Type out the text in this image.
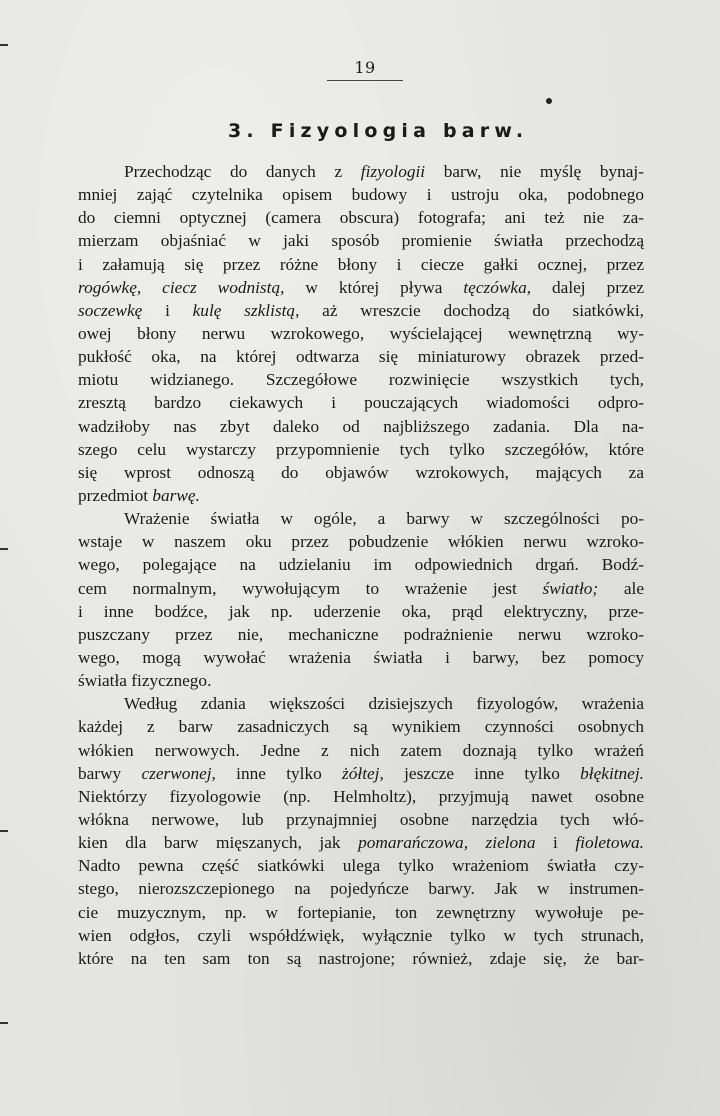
19
3. Fizyologia barw.
Przechodząc do danych z fizyologii barw, nie myślę bynaj-
mniej zająć czytelnika opisem budowy i ustroju oka, podobnego
do ciemni optycznej (camera obscura) fotografa; ani też nie za-
mierzam objaśniać w jaki sposób promienie światła przechodzą
i załamują się przez różne błony i ciecze gałki ocznej, przez
rogówkę, ciecz wodnistą, w której pływa tęczówka, dalej przez
soczewkę i kulę szklistą, aż wreszcie dochodzą do siatkówki,
owej błony nerwu wzrokowego, wyścielającej wewnętrzną wy-
pukłość oka, na której odtwarza się miniaturowy obrazek przed-
miotu widzianego. Szczegółowe rozwinięcie wszystkich tych,
zresztą bardzo ciekawych i pouczających wiadomości odpro-
wadziłoby nas zbyt daleko od najbliższego zadania. Dla na-
szego celu wystarczy przypomnienie tych tylko szczegółów, które
się wprost odnoszą do objawów wzrokowych, mających za
przedmiot barwę.
Wrażenie światła w ogóle, a barwy w szczególności po-
wstaje w naszem oku przez pobudzenie włókien nerwu wzroko-
wego, polegające na udzielaniu im odpowiednich drgań. Bodź-
cem normalnym, wywołującym to wrażenie jest światło; ale
i inne bodźce, jak np. uderzenie oka, prąd elektryczny, prze-
puszczany przez nie, mechaniczne podrażnienie nerwu wzroko-
wego, mogą wywołać wrażenia światła i barwy, bez pomocy
światła fizycznego.
Według zdania większości dzisiejszych fizyologów, wrażenia
każdej z barw zasadniczych są wynikiem czynności osobnych
włókien nerwowych. Jedne z nich zatem doznają tylko wrażeń
barwy czerwonej, inne tylko żółtej, jeszcze inne tylko błękitnej.
Niektórzy fizyologowie (np. Helmholtz), przyjmują nawet osobne
włókna nerwowe, lub przynajmniej osobne narzędzia tych włó-
kien dla barw mięszanych, jak pomarańczowa, zielona i fioletowa.
Nadto pewna część siatkówki ulega tylko wrażeniom światła czy-
stego, nierozszczepionego na pojedyńcze barwy. Jak w instrumen-
cie muzycznym, np. w fortepianie, ton zewnętrzny wywołuje pe-
wien odgłos, czyli współdźwięk, wyłącznie tylko w tych strunach,
które na ten sam ton są nastrojone; również, zdaje się, że bar-
